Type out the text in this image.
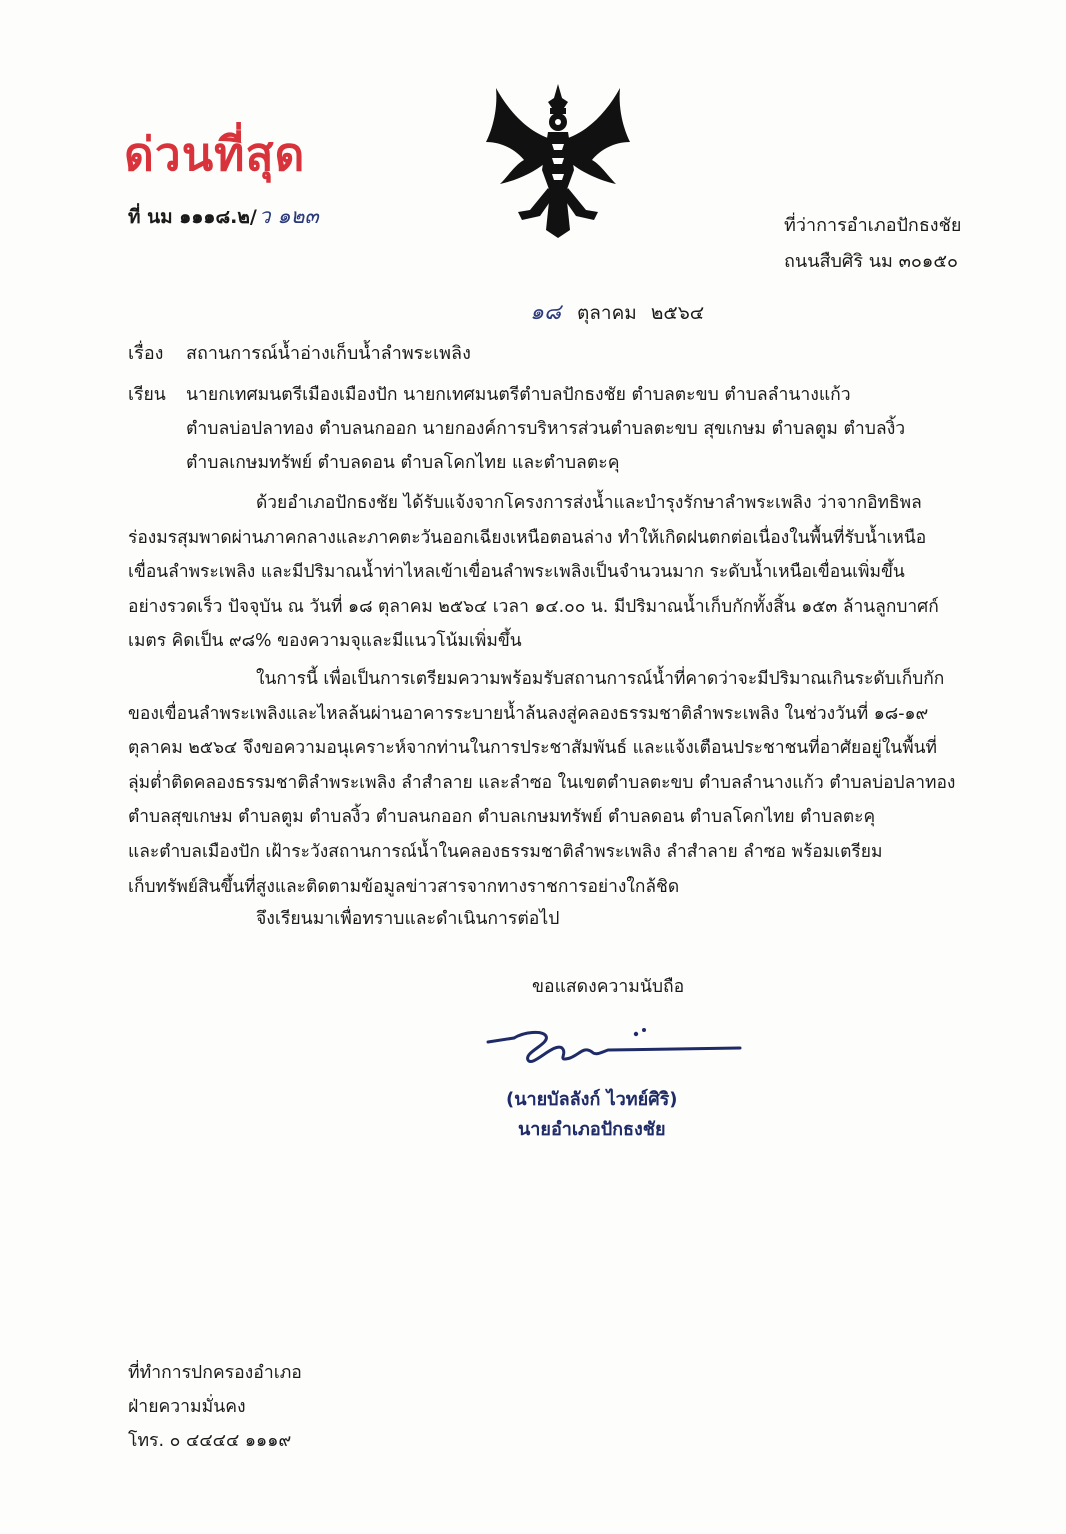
ด่วนที่สุด
ที่ นม ๑๑๑๘.๒/ว ๑๒๓	ที่ว่าการอำเภอปักธงชัย
ถนนสืบศิริ นม ๓๐๑๕๐
๑๘ ตุลาคม ๒๕๖๔
เรื่อง สถานการณ์น้ำอ่างเก็บน้ำลำพระเพลิง
เรียน นายกเทศมนตรีเมืองเมืองปัก นายกเทศมนตรีตำบลปักธงชัย ตำบลตะขบ ตำบลลำนางแก้ว
ตำบลบ่อปลาทอง ตำบลนกออก นายกองค์การบริหารส่วนตำบลตะขบ สุขเกษม ตำบลตูม ตำบลงิ้ว
ตำบลเกษมทรัพย์ ตำบลดอน ตำบลโคกไทย และตำบลตะคุ
ด้วยอำเภอปักธงชัย ได้รับแจ้งจากโครงการส่งน้ำและบำรุงรักษาลำพระเพลิง ว่าจากอิทธิพล
ร่องมรสุมพาดผ่านภาคกลางและภาคตะวันออกเฉียงเหนือตอนล่าง ทำให้เกิดฝนตกต่อเนื่องในพื้นที่รับน้ำเหนือ
เขื่อนลำพระเพลิง และมีปริมาณน้ำท่าไหลเข้าเขื่อนลำพระเพลิงเป็นจำนวนมาก ระดับน้ำเหนือเขื่อนเพิ่มขึ้น
อย่างรวดเร็ว ปัจจุบัน ณ วันที่ ๑๘ ตุลาคม ๒๕๖๔ เวลา ๑๔.๐๐ น. มีปริมาณน้ำเก็บกักทั้งสิ้น ๑๕๓ ล้านลูกบาศก์
เมตร คิดเป็น ๙๘% ของความจุและมีแนวโน้มเพิ่มขึ้น
ในการนี้ เพื่อเป็นการเตรียมความพร้อมรับสถานการณ์น้ำที่คาดว่าจะมีปริมาณเกินระดับเก็บกัก
ของเขื่อนลำพระเพลิงและไหลล้นผ่านอาคารระบายน้ำล้นลงสู่คลองธรรมชาติลำพระเพลิง ในช่วงวันที่ ๑๘-๑๙
ตุลาคม ๒๕๖๔ จึงขอความอนุเคราะห์จากท่านในการประชาสัมพันธ์ และแจ้งเตือนประชาชนที่อาศัยอยู่ในพื้นที่
ลุ่มต่ำติดคลองธรรมชาติลำพระเพลิง ลำสำลาย และลำซอ ในเขตตำบลตะขบ ตำบลลำนางแก้ว ตำบลบ่อปลาทอง
ตำบลสุขเกษม ตำบลตูม ตำบลงิ้ว ตำบลนกออก ตำบลเกษมทรัพย์ ตำบลดอน ตำบลโคกไทย ตำบลตะคุ
และตำบลเมืองปัก เฝ้าระวังสถานการณ์น้ำในคลองธรรมชาติลำพระเพลิง ลำสำลาย ลำซอ พร้อมเตรียม
เก็บทรัพย์สินขึ้นที่สูงและติดตามข้อมูลข่าวสารจากทางราชการอย่างใกล้ชิด
จึงเรียนมาเพื่อทราบและดำเนินการต่อไป
ขอแสดงความนับถือ
(นายบัลลังก์ ไวทย์ศิริ)
นายอำเภอปักธงชัย
ที่ทำการปกครองอำเภอ
ฝ่ายความมั่นคง
โทร. ๐ ๔๔๔๔ ๑๑๑๙
